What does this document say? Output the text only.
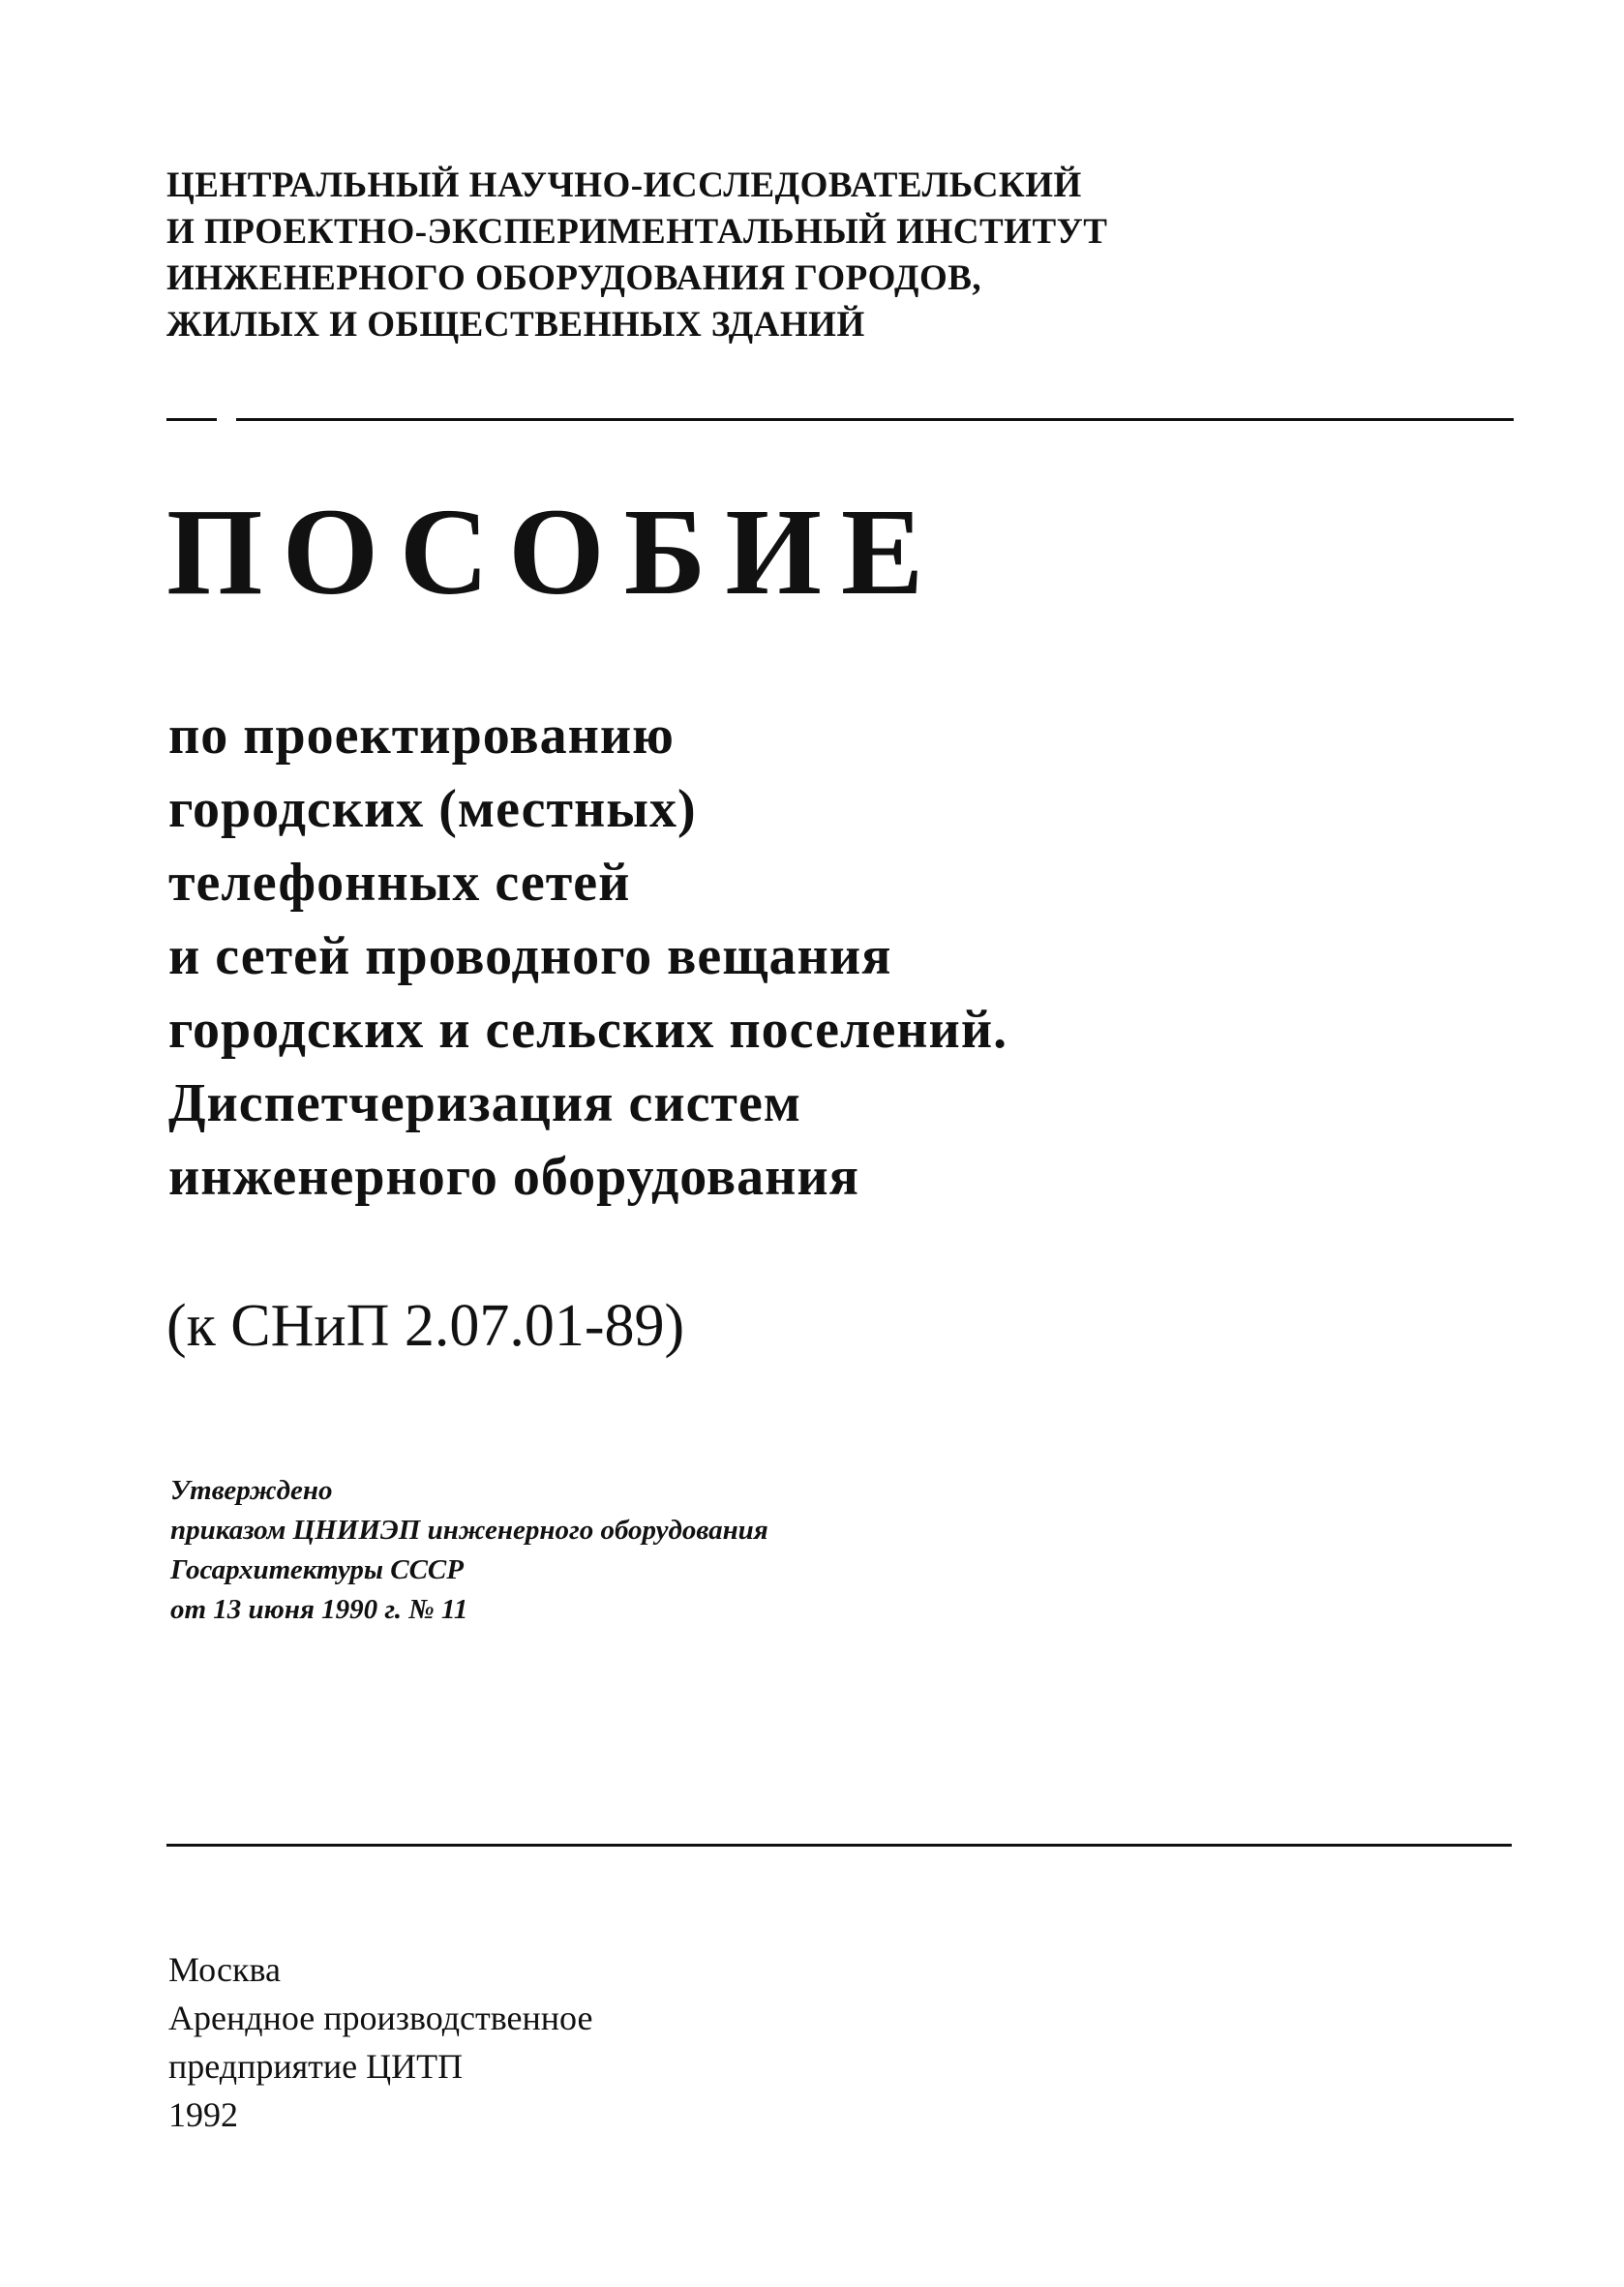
ЦЕНТРАЛЬНЫЙ НАУЧНО-ИССЛЕДОВАТЕЛЬСКИЙ
И ПРОЕКТНО-ЭКСПЕРИМЕНТАЛЬНЫЙ ИНСТИТУТ
ИНЖЕНЕРНОГО ОБОРУДОВАНИЯ ГОРОДОВ,
ЖИЛЫХ И ОБЩЕСТВЕННЫХ ЗДАНИЙ
ПОСОБИЕ
по проектированию
городских (местных)
телефонных сетей
и сетей проводного вещания
городских и сельских поселений.
Диспетчеризация систем
инженерного оборудования
(к СНиП 2.07.01-89)
Утверждено
приказом ЦНИИЭП инженерного оборудования
Госархитектуры СССР
от 13 июня 1990 г. № 11
Москва
Арендное производственное
предприятие ЦИТП
1992
